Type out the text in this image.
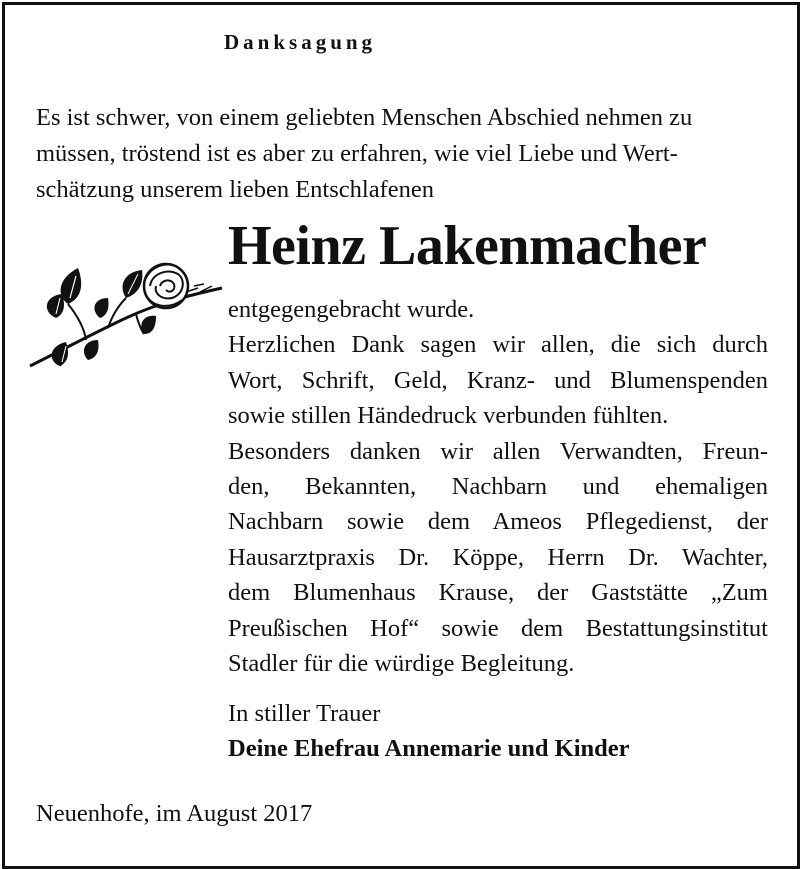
Danksagung
Es ist schwer, von einem geliebten Menschen Abschied nehmen zu
müssen, tröstend ist es aber zu erfahren, wie viel Liebe und Wert-
schätzung unserem lieben Entschlafenen
Heinz Lakenmacher
entgegengebracht wurde.
Herzlichen Dank sagen wir allen, die sich durch
Wort, Schrift, Geld, Kranz- und Blumenspenden
sowie stillen Händedruck verbunden fühlten.
Besonders danken wir allen Verwandten, Freun-
den, Bekannten, Nachbarn und ehemaligen
Nachbarn sowie dem Ameos Pflegedienst, der
Hausarztpraxis Dr. Köppe, Herrn Dr. Wachter,
dem Blumenhaus Krause, der Gaststätte „Zum
Preußischen Hof“ sowie dem Bestattungsinstitut
Stadler für die würdige Begleitung.
In stiller Trauer
Deine Ehefrau Annemarie und Kinder
Neuenhofe, im August 2017
